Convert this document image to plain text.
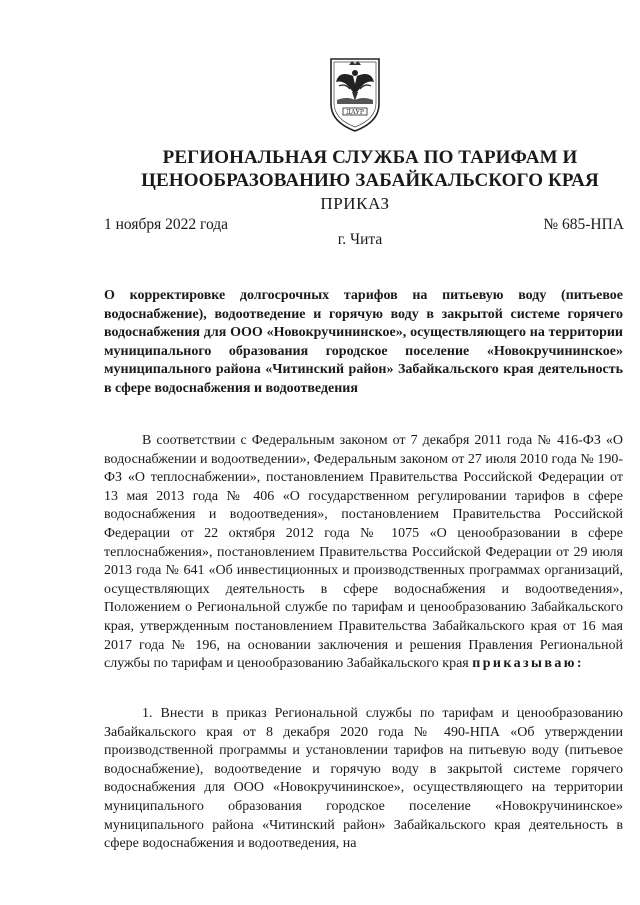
ДАУР
РЕГИОНАЛЬНАЯ СЛУЖБА ПО ТАРИФАМ И
ЦЕНООБРАЗОВАНИЮ ЗАБАЙКАЛЬСКОГО КРАЯ
ПРИКАЗ
1 ноября 2022 года	№ 685-НПА
г. Чита
О корректировке долгосрочных тарифов на питьевую воду (питьевое водоснабжение), водоотведение и горячую воду в закрытой системе горячего водоснабжения для ООО «Новокручининское», осуществляющего на территории муниципального образования городское поселение «Новокручининское» муниципального района «Читинский район» Забайкальского края деятельность в сфере водоснабжения и водоотведения
В соответствии с Федеральным законом от 7 декабря 2011 года № 416-ФЗ «О водоснабжении и водоотведении», Федеральным законом от 27 июля 2010 года № 190-ФЗ «О теплоснабжении», постановлением Правительства Российской Федерации от 13 мая 2013 года № 406 «О государственном регулировании тарифов в сфере водоснабжения и водоотведения», постановлением Правительства Российской Федерации от 22 октября 2012 года № 1075 «О ценообразовании в сфере теплоснабжения», постановлением Правительства Российской Федерации от 29 июля 2013 года № 641 «Об инвестиционных и производственных программах организаций, осуществляющих деятельность в сфере водоснабжения и водоотведения», Положением о Региональной службе по тарифам и ценообразованию Забайкальского края, утвержденным постановлением Правительства Забайкальского края от 16 мая 2017 года № 196, на основании заключения и решения Правления Региональной службы по тарифам и ценообразованию Забайкальского края приказываю:
1. Внести в приказ Региональной службы по тарифам и ценообразованию Забайкальского края от 8 декабря 2020 года № 490-НПА «Об утверждении производственной программы и установлении тарифов на питьевую воду (питьевое водоснабжение), водоотведение и горячую воду в закрытой системе горячего водоснабжения для ООО «Новокручининское», осуществляющего на территории муниципального образования городское поселение «Новокручининское» муниципального района «Читинский район» Забайкальского края деятельность в сфере водоснабжения и водоотведения, на
